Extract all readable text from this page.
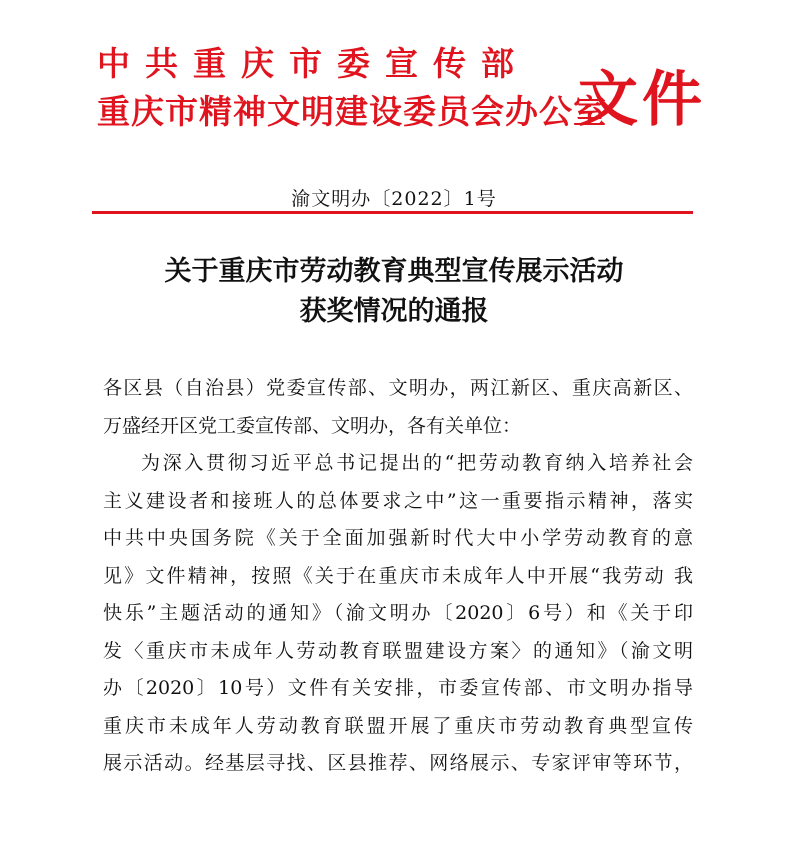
中共重庆市委宣传部
重庆市精神文明建设委员会办公室
文件
渝文明办〔2022〕1号
关于重庆市劳动教育典型宣传展示活动
获奖情况的通报
各区县（自治县）党委宣传部、文明办，两江新区、重庆高新区、
万盛经开区党工委宣传部、文明办，各有关单位：
为深入贯彻习近平总书记提出的“把劳动教育纳入培养社会
主义建设者和接班人的总体要求之中”这一重要指示精神，落实
中共中央国务院《关于全面加强新时代大中小学劳动教育的意
见》文件精神，按照《关于在重庆市未成年人中开展“我劳动 我
快乐”主题活动的通知》（渝文明办〔2020〕6号）和《关于印
发〈重庆市未成年人劳动教育联盟建设方案〉的通知》（渝文明
办〔2020〕10号）文件有关安排，市委宣传部、市文明办指导
重庆市未成年人劳动教育联盟开展了重庆市劳动教育典型宣传
展示活动。经基层寻找、区县推荐、网络展示、专家评审等环节，
